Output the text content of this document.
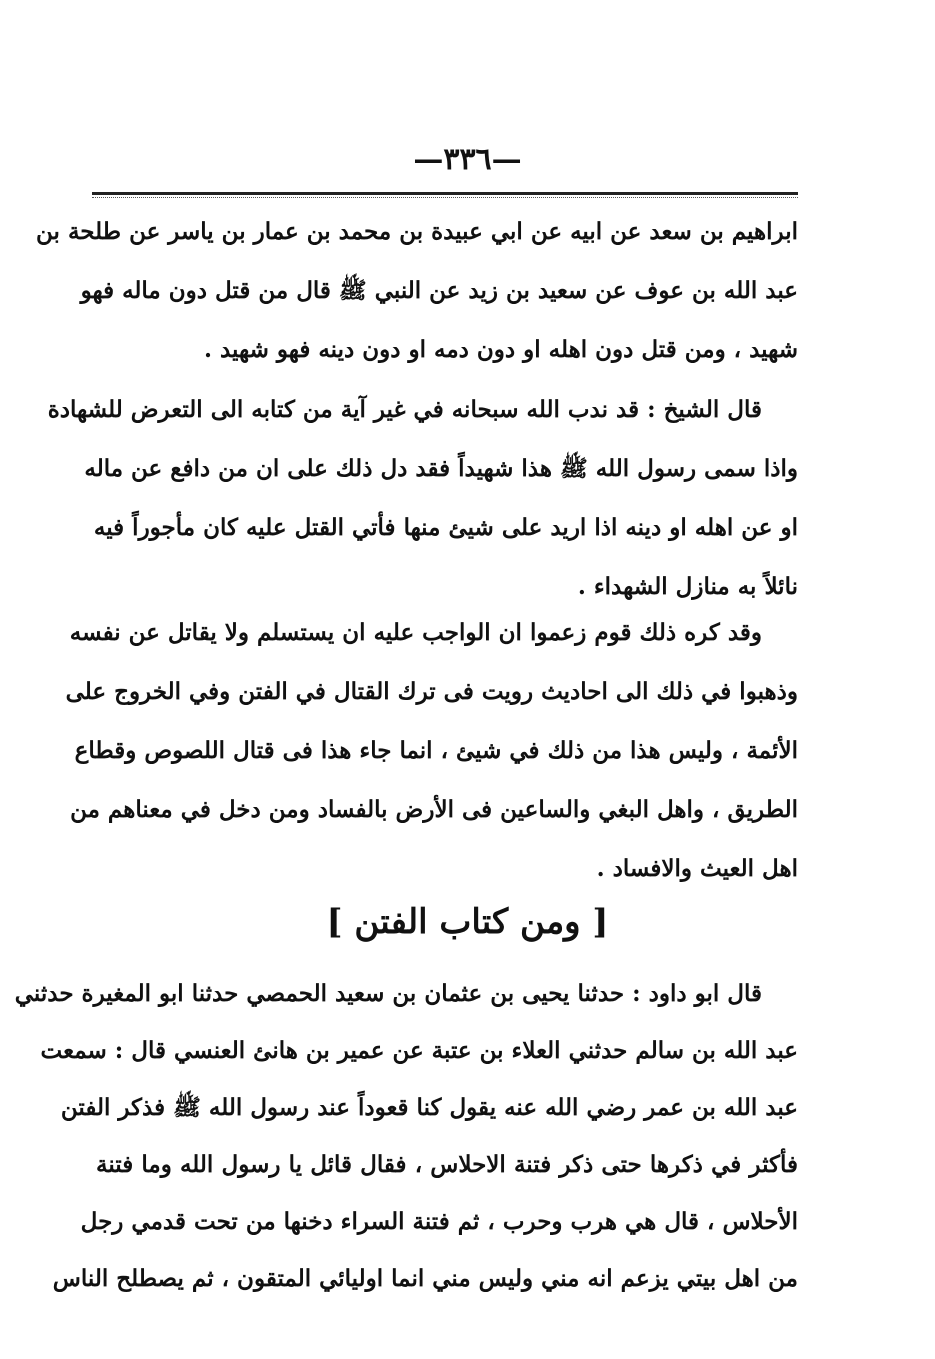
—٣٣٦—
ابراهيم بن سعد عن ابيه عن ابي عبيدة بن محمد بن عمار بن ياسر عن طلحة بن
عبد الله بن عوف عن سعيد بن زيد عن النبي ﷺ قال من قتل دون ماله فهو
شهيد ، ومن قتل دون اهله او دون دمه او دون دينه فهو شهيد .
قال الشيخ : قد ندب الله سبحانه في غير آية من كتابه الى التعرض للشهادة
واذا سمى رسول الله ﷺ هذا شهيداً فقد دل ذلك على ان من دافع عن ماله
او عن اهله او دينه اذا اريد على شيئ منها فأتي القتل عليه كان مأجوراً فيه
نائلاً به منازل الشهداء .
وقد كره ذلك قوم زعموا ان الواجب عليه ان يستسلم ولا يقاتل عن نفسه
وذهبوا في ذلك الى احاديث رويت فى ترك القتال في الفتن وفي الخروج على
الأئمة ، وليس هذا من ذلك في شيئ ، انما جاء هذا فى قتال اللصوص وقطاع
الطريق ، واهل البغي والساعين فى الأرض بالفساد ومن دخل في معناهم من
اهل العيث والافساد .
[ ومن كتاب الفتن ]
قال ابو داود : حدثنا يحيى بن عثمان بن سعيد الحمصي حدثنا ابو المغيرة حدثني
عبد الله بن سالم حدثني العلاء بن عتبة عن عمير بن هانئ العنسي قال : سمعت
عبد الله بن عمر رضي الله عنه يقول كنا قعوداً عند رسول الله ﷺ فذكر الفتن
فأكثر في ذكرها حتى ذكر فتنة الاحلاس ، فقال قائل يا رسول الله وما فتنة
الأحلاس ، قال هي هرب وحرب ، ثم فتنة السراء دخنها من تحت قدمي رجل
من اهل بيتي يزعم انه مني وليس مني انما اوليائي المتقون ، ثم يصطلح الناس
